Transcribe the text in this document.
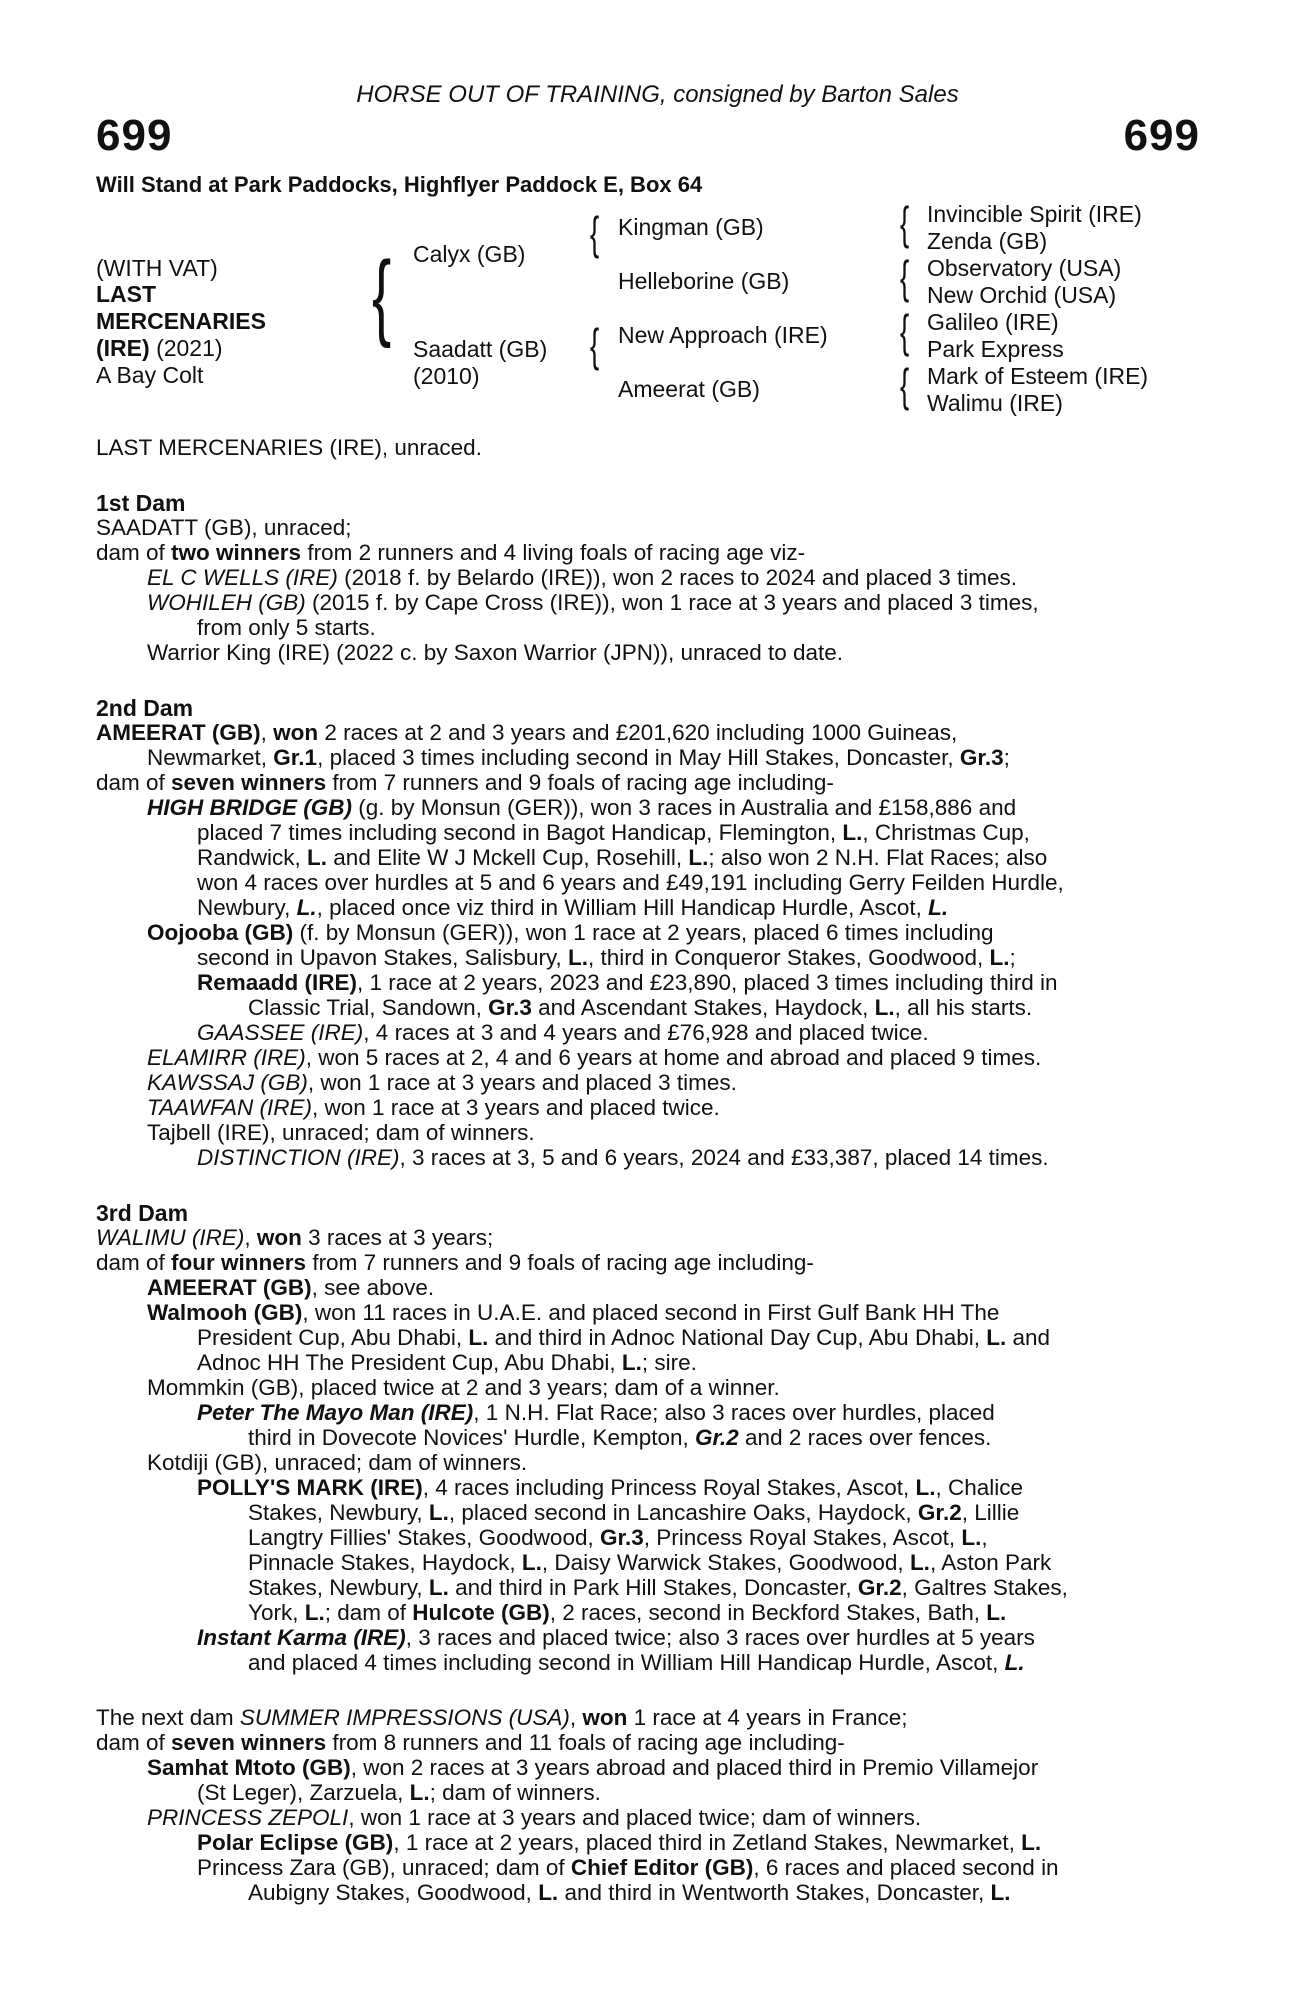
HORSE OUT OF TRAINING, consigned by Barton Sales
699	699
Will Stand at Park Paddocks, Highflyer Paddock E, Box 64
(WITH VAT)
LAST
MERCENARIES
(IRE) (2021)
A Bay Colt
{ Calyx (GB)
Saadatt (GB)
(2010)
{ Kingman (GB)
Helleborine (GB)
{ New Approach (IRE)
Ameerat (GB)
{ Invincible Spirit (IRE)
Zenda (GB)
{ Observatory (USA)
New Orchid (USA)
{ Galileo (IRE)
Park Express
{ Mark of Esteem (IRE)
Walimu (IRE)
LAST MERCENARIES (IRE), unraced.
1st Dam
SAADATT (GB), unraced;
dam of two winners from 2 runners and 4 living foals of racing age viz-
EL C WELLS (IRE) (2018 f. by Belardo (IRE)), won 2 races to 2024 and placed 3 times.
WOHILEH (GB) (2015 f. by Cape Cross (IRE)), won 1 race at 3 years and placed 3 times,
from only 5 starts.
Warrior King (IRE) (2022 c. by Saxon Warrior (JPN)), unraced to date.
2nd Dam
AMEERAT (GB), won 2 races at 2 and 3 years and £201,620 including 1000 Guineas,
Newmarket, Gr.1, placed 3 times including second in May Hill Stakes, Doncaster, Gr.3;
dam of seven winners from 7 runners and 9 foals of racing age including-
HIGH BRIDGE (GB) (g. by Monsun (GER)), won 3 races in Australia and £158,886 and
placed 7 times including second in Bagot Handicap, Flemington, L., Christmas Cup,
Randwick, L. and Elite W J Mckell Cup, Rosehill, L.; also won 2 N.H. Flat Races; also
won 4 races over hurdles at 5 and 6 years and £49,191 including Gerry Feilden Hurdle,
Newbury, L., placed once viz third in William Hill Handicap Hurdle, Ascot, L.
Oojooba (GB) (f. by Monsun (GER)), won 1 race at 2 years, placed 6 times including
second in Upavon Stakes, Salisbury, L., third in Conqueror Stakes, Goodwood, L.;
Remaadd (IRE), 1 race at 2 years, 2023 and £23,890, placed 3 times including third in
Classic Trial, Sandown, Gr.3 and Ascendant Stakes, Haydock, L., all his starts.
GAASSEE (IRE), 4 races at 3 and 4 years and £76,928 and placed twice.
ELAMIRR (IRE), won 5 races at 2, 4 and 6 years at home and abroad and placed 9 times.
KAWSSAJ (GB), won 1 race at 3 years and placed 3 times.
TAAWFAN (IRE), won 1 race at 3 years and placed twice.
Tajbell (IRE), unraced; dam of winners.
DISTINCTION (IRE), 3 races at 3, 5 and 6 years, 2024 and £33,387, placed 14 times.
3rd Dam
WALIMU (IRE), won 3 races at 3 years;
dam of four winners from 7 runners and 9 foals of racing age including-
AMEERAT (GB), see above.
Walmooh (GB), won 11 races in U.A.E. and placed second in First Gulf Bank HH The
President Cup, Abu Dhabi, L. and third in Adnoc National Day Cup, Abu Dhabi, L. and
Adnoc HH The President Cup, Abu Dhabi, L.; sire.
Mommkin (GB), placed twice at 2 and 3 years; dam of a winner.
Peter The Mayo Man (IRE), 1 N.H. Flat Race; also 3 races over hurdles, placed
third in Dovecote Novices' Hurdle, Kempton, Gr.2 and 2 races over fences.
Kotdiji (GB), unraced; dam of winners.
POLLY'S MARK (IRE), 4 races including Princess Royal Stakes, Ascot, L., Chalice
Stakes, Newbury, L., placed second in Lancashire Oaks, Haydock, Gr.2, Lillie
Langtry Fillies' Stakes, Goodwood, Gr.3, Princess Royal Stakes, Ascot, L.,
Pinnacle Stakes, Haydock, L., Daisy Warwick Stakes, Goodwood, L., Aston Park
Stakes, Newbury, L. and third in Park Hill Stakes, Doncaster, Gr.2, Galtres Stakes,
York, L.; dam of Hulcote (GB), 2 races, second in Beckford Stakes, Bath, L.
Instant Karma (IRE), 3 races and placed twice; also 3 races over hurdles at 5 years
and placed 4 times including second in William Hill Handicap Hurdle, Ascot, L.
The next dam SUMMER IMPRESSIONS (USA), won 1 race at 4 years in France;
dam of seven winners from 8 runners and 11 foals of racing age including-
Samhat Mtoto (GB), won 2 races at 3 years abroad and placed third in Premio Villamejor
(St Leger), Zarzuela, L.; dam of winners.
PRINCESS ZEPOLI, won 1 race at 3 years and placed twice; dam of winners.
Polar Eclipse (GB), 1 race at 2 years, placed third in Zetland Stakes, Newmarket, L.
Princess Zara (GB), unraced; dam of Chief Editor (GB), 6 races and placed second in
Aubigny Stakes, Goodwood, L. and third in Wentworth Stakes, Doncaster, L.
